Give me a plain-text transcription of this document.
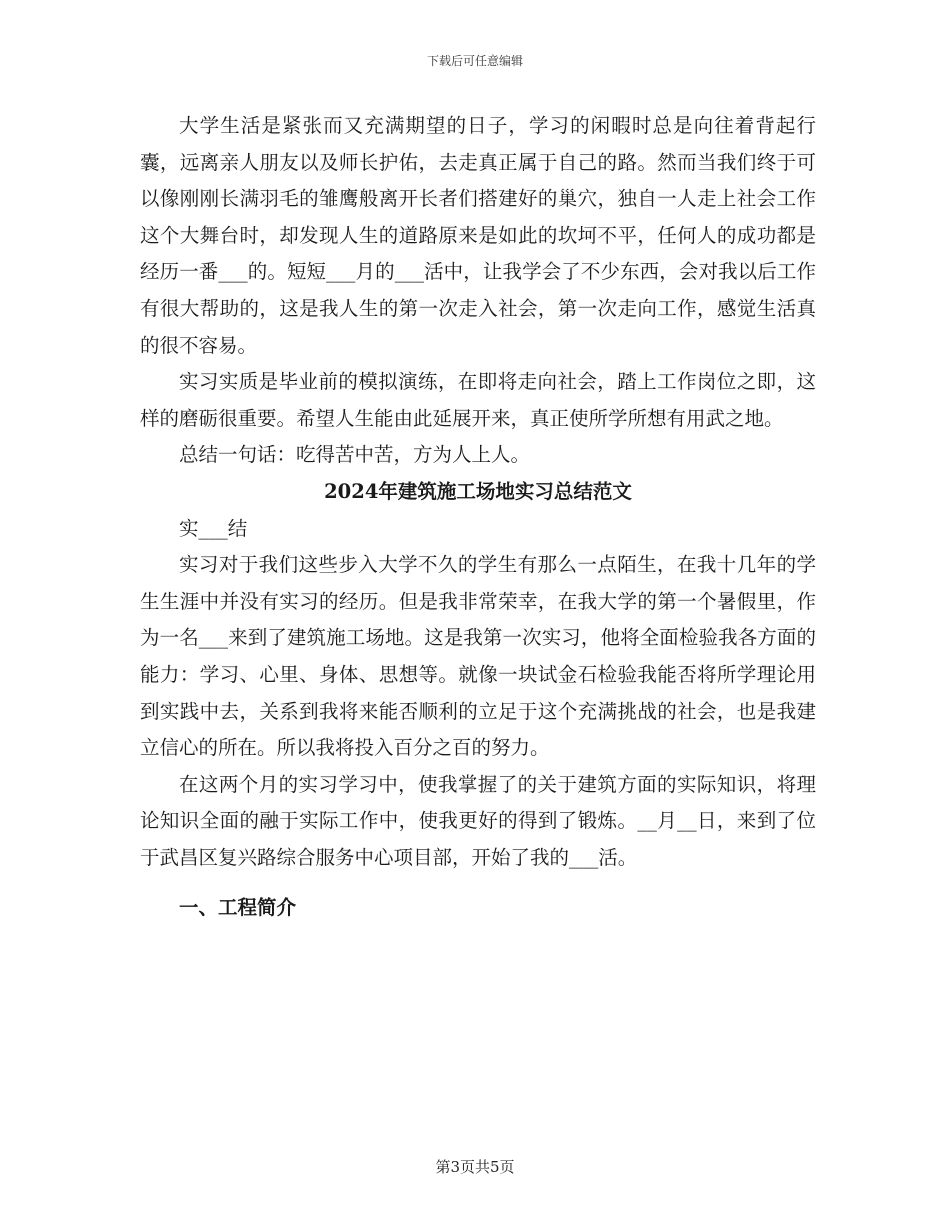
下载后可任意编辑

大学生活是紧张而又充满期望的日子，学习的闲暇时总是向往着背起行囊，远离亲人朋友以及师长护佑，去走真正属于自己的路。然而当我们终于可以像刚刚长满羽毛的雏鹰般离开长者们搭建好的巢穴，独自一人走上社会工作这个大舞台时，却发现人生的道路原来是如此的坎坷不平，任何人的成功都是经历一番___的。短短___月的___活中，让我学会了不少东西，会对我以后工作有很大帮助的，这是我人生的第一次走入社会，第一次走向工作，感觉生活真的很不容易。

实习实质是毕业前的模拟演练，在即将走向社会，踏上工作岗位之即，这样的磨砺很重要。希望人生能由此延展开来，真正使所学所想有用武之地。

总结一句话：吃得苦中苦，方为人上人。

2024年建筑施工场地实习总结范文

实___结

实习对于我们这些步入大学不久的学生有那么一点陌生，在我十几年的学生生涯中并没有实习的经历。但是我非常荣幸，在我大学的第一个暑假里，作为一名___来到了建筑施工场地。这是我第一次实习，他将全面检验我各方面的能力：学习、心里、身体、思想等。就像一块试金石检验我能否将所学理论用到实践中去，关系到我将来能否顺利的立足于这个充满挑战的社会，也是我建立信心的所在。所以我将投入百分之百的努力。

在这两个月的实习学习中，使我掌握了的关于建筑方面的实际知识，将理论知识全面的融于实际工作中，使我更好的得到了锻炼。__月__日，来到了位于武昌区复兴路综合服务中心项目部，开始了我的___活。

一、工程简介
第3页共5页
